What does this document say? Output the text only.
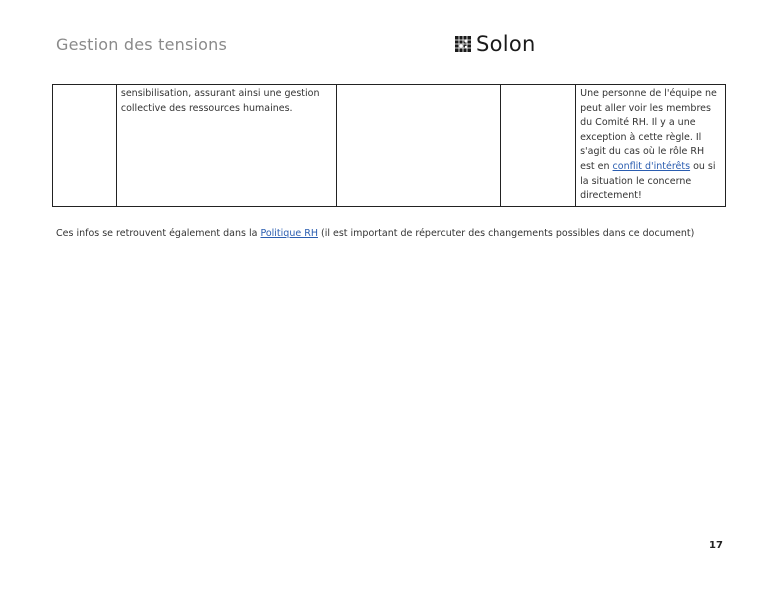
Gestion des tensions	Solon
	sensibilisation, assurant ainsi une gestion collective des ressources humaines.			Une personne de l'équipe ne peut aller voir les membres du Comité RH. Il y a une exception à cette règle. Il s'agit du cas où le rôle RH est en conflit d'intérêts ou si la situation le concerne directement!
Ces infos se retrouvent également dans la Politique RH (il est important de répercuter des changements possibles dans ce document)
17
